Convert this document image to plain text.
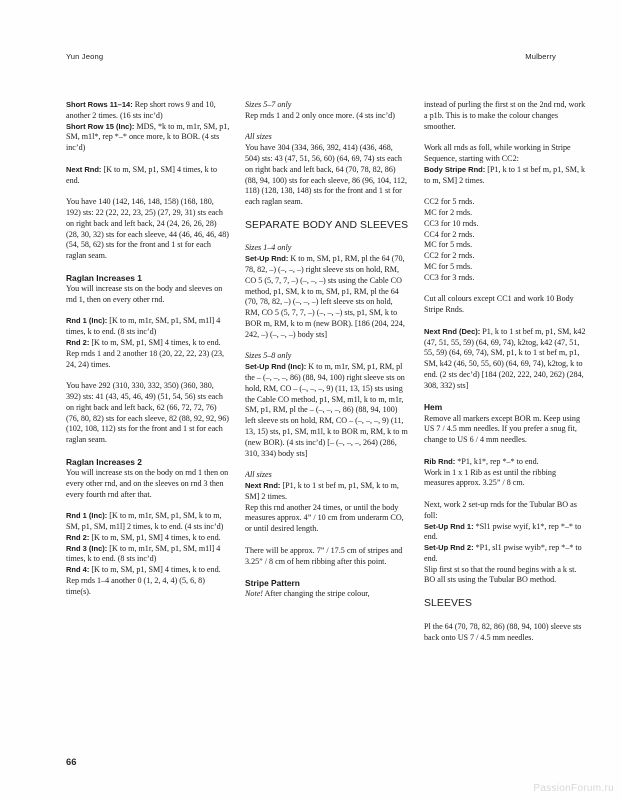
Yun Jeong	Mulberry

Short Rows 11–14: Rep short rows 9 and 10, another 2 times. (16 sts inc’d)

Short Row 15 (Inc): MDS, *k to m, m1r, SM, p1, SM, m1l*, rep *–* once more, k to BOR. (4 sts inc’d)

Next Rnd: [K to m, SM, p1, SM] 4 times, k to end.

You have 140 (142, 146, 148, 158) (168, 180, 192) sts: 22 (22, 22, 23, 25) (27, 29, 31) sts each on right back and left back, 24 (24, 26, 26, 28) (28, 30, 32) sts for each sleeve, 44 (46, 46, 46, 48) (54, 58, 62) sts for the front and 1 st for each raglan seam.

Raglan Increases 1

You will increase sts on the body and sleeves on rnd 1, then on every other rnd.

Rnd 1 (Inc): [K to m, m1r, SM, p1, SM, m1l] 4 times, k to end. (8 sts inc’d)

Rnd 2: [K to m, SM, p1, SM] 4 times, k to end.

Rep rnds 1 and 2 another 18 (20, 22, 22, 23) (23, 24, 24) times.

You have 292 (310, 330, 332, 350) (360, 380, 392) sts: 41 (43, 45, 46, 49) (51, 54, 56) sts each on right back and left back, 62 (66, 72, 72, 76) (76, 80, 82) sts for each sleeve, 82 (88, 92, 92, 96) (102, 108, 112) sts for the front and 1 st for each raglan seam.

Raglan Increases 2

You will increase sts on the body on rnd 1 then on every other rnd, and on the sleeves on rnd 3 then every fourth rnd after that.

Rnd 1 (Inc): [K to m, m1r, SM, p1, SM, k to m, SM, p1, SM, m1l] 2 times, k to end. (4 sts inc’d)

Rnd 2: [K to m, SM, p1, SM] 4 times, k to end.

Rnd 3 (Inc): [K to m, m1r, SM, p1, SM, m1l] 4 times, k to end. (8 sts inc’d)

Rnd 4: [K to m, SM, p1, SM] 4 times, k to end.

Rep rnds 1–4 another 0 (1, 2, 4, 4) (5, 6, 8) time(s).

Sizes 5–7 only

Rep rnds 1 and 2 only once more. (4 sts inc’d)

All sizes

You have 304 (334, 366, 392, 414) (436, 468, 504) sts: 43 (47, 51, 56, 60) (64, 69, 74) sts each on right back and left back, 64 (70, 78, 82, 86) (88, 94, 100) sts for each sleeve, 86 (96, 104, 112, 118) (128, 138, 148) sts for the front and 1 st for each raglan seam.

SEPARATE BODY AND SLEEVES

Sizes 1–4 only

Set-Up Rnd: K to m, SM, p1, RM, pl the 64 (70, 78, 82, –) (–, –, –) right sleeve sts on hold, RM, CO 5 (5, 7, 7, –) (–, –, –) sts using the Cable CO method, p1, SM, k to m, SM, p1, RM, pl the 64 (70, 78, 82, –) (–, –, –) left sleeve sts on hold, RM, CO 5 (5, 7, 7, –) (–, –, –) sts, p1, SM, k to BOR m, RM, k to m (new BOR). [186 (204, 224, 242, –) (–, –, –) body sts]

Sizes 5–8 only

Set-Up Rnd (Inc): K to m, m1r, SM, p1, RM, pl the – (–, –, –, 86) (88, 94, 100) right sleeve sts on hold, RM, CO – (–, –, –, 9) (11, 13, 15) sts using the Cable CO method, p1, SM, m1l, k to m, m1r, SM, p1, RM, pl the – (–, –, –, 86) (88, 94, 100) left sleeve sts on hold, RM, CO – (–, –, –, 9) (11, 13, 15) sts, p1, SM, m1l, k to BOR m, RM, k to m (new BOR). (4 sts inc’d) [– (–, –, –, 264) (286, 310, 334) body sts]

All sizes

Next Rnd: [P1, k to 1 st bef m, p1, SM, k to m, SM] 2 times.

Rep this rnd another 24 times, or until the body measures approx. 4” / 10 cm from underarm CO, or until desired length.

There will be approx. 7” / 17.5 cm of stripes and 3.25” / 8 cm of hem ribbing after this point.

Stripe Pattern

Note! After changing the stripe colour,

instead of purling the first st on the 2nd rnd, work a p1b. This is to make the colour changes smoother.

Work all rnds as foll, while working in Stripe Sequence, starting with CC2:

Body Stripe Rnd: [P1, k to 1 st bef m, p1, SM, k to m, SM] 2 times.

CC2 for 5 rnds.

MC for 2 rnds.

CC3 for 10 rnds.

CC4 for 2 rnds.

MC for 5 rnds.

CC2 for 2 rnds.

MC for 5 rnds.

CC3 for 3 rnds.

Cut all colours except CC1 and work 10 Body Stripe Rnds.

Next Rnd (Dec): P1, k to 1 st bef m, p1, SM, k42 (47, 51, 55, 59) (64, 69, 74), k2tog, k42 (47, 51, 55, 59) (64, 69, 74), SM, p1, k to 1 st bef m, p1, SM, k42 (46, 50, 55, 60) (64, 69, 74), k2tog, k to end. (2 sts dec’d) [184 (202, 222, 240, 262) (284, 308, 332) sts]

Hem

Remove all markers except BOR m. Keep using US 7 / 4.5 mm needles. If you prefer a snug fit, change to US 6 / 4 mm needles.

Rib Rnd: *P1, k1*, rep *–* to end.

Work in 1 x 1 Rib as est until the ribbing measures approx. 3.25” / 8 cm.

Next, work 2 set-up rnds for the Tubular BO as foll:

Set-Up Rnd 1: *Sl1 pwise wyif, k1*, rep *–* to end.

Set-Up Rnd 2: *P1, sl1 pwise wyib*, rep *–* to end.

Slip first st so that the round begins with a k st. BO all sts using the Tubular BO method.

SLEEVES

Pl the 64 (70, 78, 82, 86) (88, 94, 100) sleeve sts back onto US 7 / 4.5 mm needles.

66
PassionForum.ru
